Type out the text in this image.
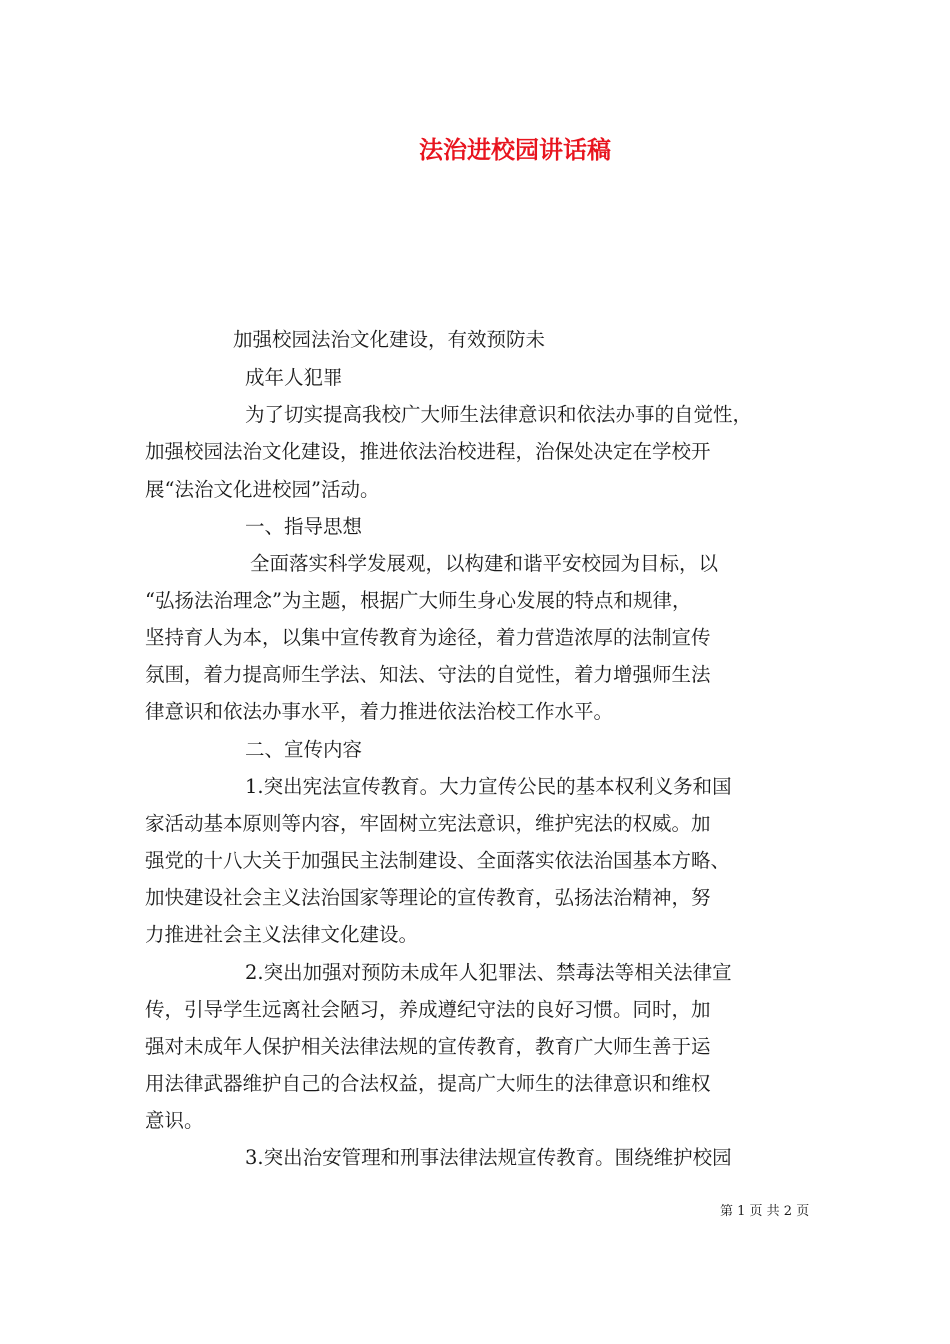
法治进校园讲话稿
加强校园法治文化建设，有效预防未
成年人犯罪
为了切实提高我校广大师生法律意识和依法办事的自觉性，
加强校园法治文化建设，推进依法治校进程，治保处决定在学校开
展“法治文化进校园”活动。
一、指导思想
全面落实科学发展观，以构建和谐平安校园为目标，以
“弘扬法治理念”为主题，根据广大师生身心发展的特点和规律，
坚持育人为本，以集中宣传教育为途径，着力营造浓厚的法制宣传
氛围，着力提高师生学法、知法、守法的自觉性，着力增强师生法
律意识和依法办事水平，着力推进依法治校工作水平。
二、宣传内容
1.突出宪法宣传教育。大力宣传公民的基本权利义务和国
家活动基本原则等内容，牢固树立宪法意识，维护宪法的权威。加
强党的十八大关于加强民主法制建设、全面落实依法治国基本方略、
加快建设社会主义法治国家等理论的宣传教育，弘扬法治精神，努
力推进社会主义法律文化建设。
2.突出加强对预防未成年人犯罪法、禁毒法等相关法律宣
传，引导学生远离社会陋习，养成遵纪守法的良好习惯。同时，加
强对未成年人保护相关法律法规的宣传教育，教育广大师生善于运
用法律武器维护自己的合法权益，提高广大师生的法律意识和维权
意识。
3.突出治安管理和刑事法律法规宣传教育。围绕维护校园
第 1 页 共 2 页
